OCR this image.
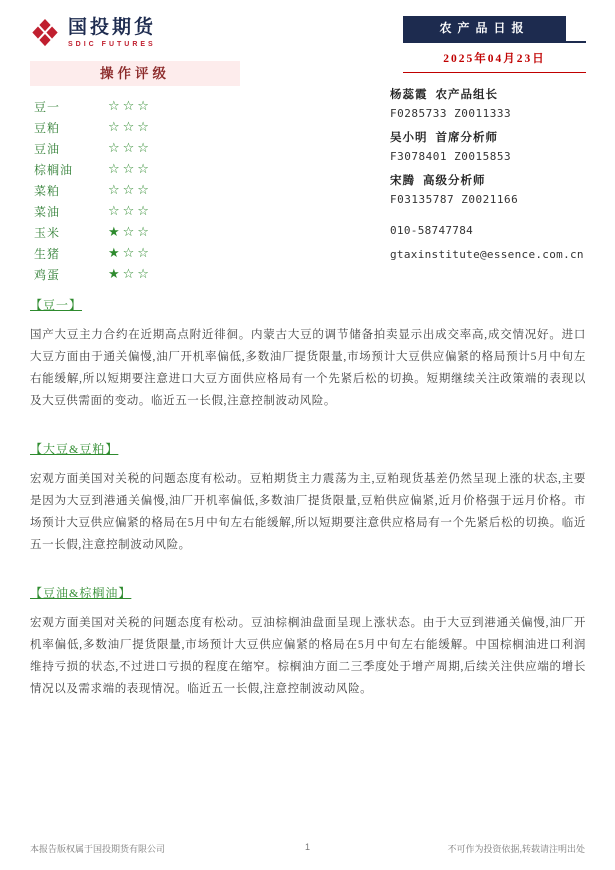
国投期货
SDIC FUTURES
农产品日报
2025年04月23日
操作评级
豆一	☆☆☆
豆粕	☆☆☆
豆油	☆☆☆
棕榈油	☆☆☆
菜粕	☆☆☆
菜油	☆☆☆
玉米	★☆☆
生猪	★☆☆
鸡蛋	★☆☆
杨蕊霞 农产品组长
F0285733 Z0011333
吴小明 首席分析师
F3078401 Z0015853
宋腾 高级分析师
F03135787 Z0021166
010-58747784
gtaxinstitute@essence.com.cn
【豆一】
国产大豆主力合约在近期高点附近徘徊。内蒙古大豆的调节储备拍卖显示出成交率高,成交情况好。进口大豆方面由于通关偏慢,油厂开机率偏低,多数油厂提货限量,市场预计大豆供应偏紧的格局预计5月中旬左右能缓解,所以短期要注意进口大豆方面供应格局有一个先紧后松的切换。短期继续关注政策端的表现以及大豆供需面的变动。临近五一长假,注意控制波动风险。
【大豆&豆粕】
宏观方面美国对关税的问题态度有松动。豆粕期货主力震荡为主,豆粕现货基差仍然呈现上涨的状态,主要是因为大豆到港通关偏慢,油厂开机率偏低,多数油厂提货限量,豆粕供应偏紧,近月价格强于远月价格。市场预计大豆供应偏紧的格局在5月中旬左右能缓解,所以短期要注意供应格局有一个先紧后松的切换。临近五一长假,注意控制波动风险。
【豆油&棕榈油】
宏观方面美国对关税的问题态度有松动。豆油棕榈油盘面呈现上涨状态。由于大豆到港通关偏慢,油厂开机率偏低,多数油厂提货限量,市场预计大豆供应偏紧的格局在5月中旬左右能缓解。中国棕榈油进口利润维持亏损的状态,不过进口亏损的程度在缩窄。棕榈油方面二三季度处于增产周期,后续关注供应端的增长情况以及需求端的表现情况。临近五一长假,注意控制波动风险。
本报告版权属于国投期货有限公司	1	不可作为投资依据,转载请注明出处
